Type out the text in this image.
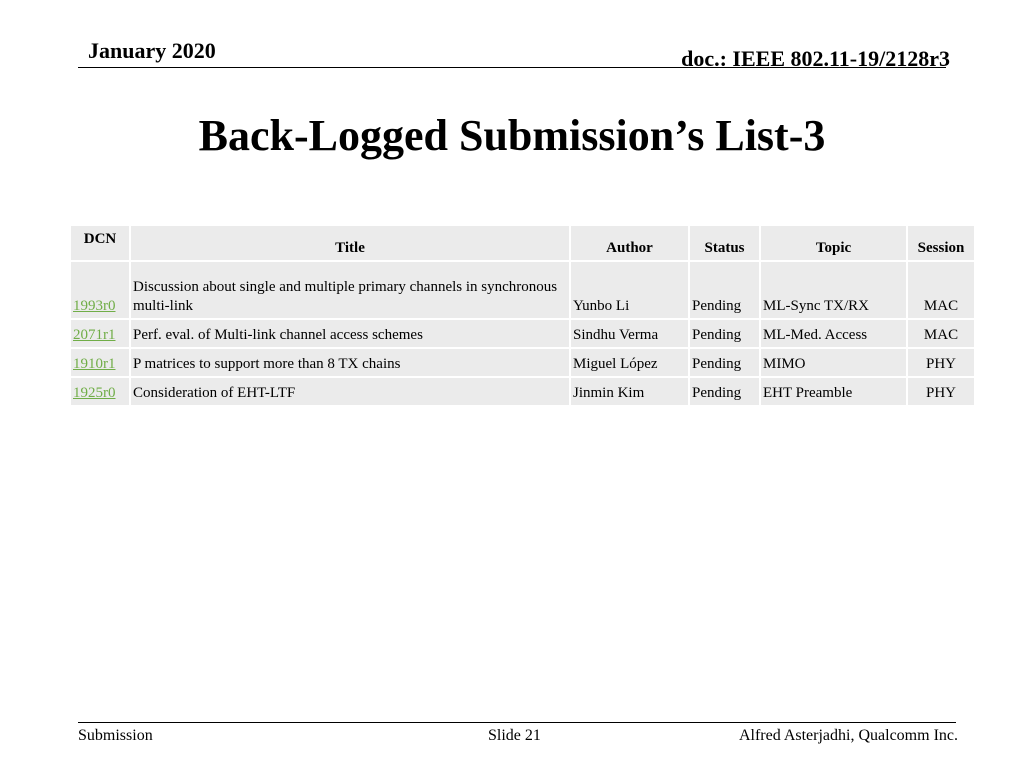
January 2020	doc.: IEEE 802.11-19/2128r3
Back-Logged Submission’s List-3
DCN	Title	Author	Status	Topic	Session
1993r0	Discussion about single and multiple primary channels in synchronous multi-link	Yunbo Li	Pending	ML-Sync TX/RX	MAC
2071r1	Perf. eval. of Multi-link channel access schemes	Sindhu Verma	Pending	ML-Med. Access	MAC
1910r1	P matrices to support more than 8 TX chains	Miguel López	Pending	MIMO	PHY
1925r0	Consideration of EHT-LTF	Jinmin Kim	Pending	EHT Preamble	PHY
Submission	Slide 21	Alfred Asterjadhi, Qualcomm Inc.
